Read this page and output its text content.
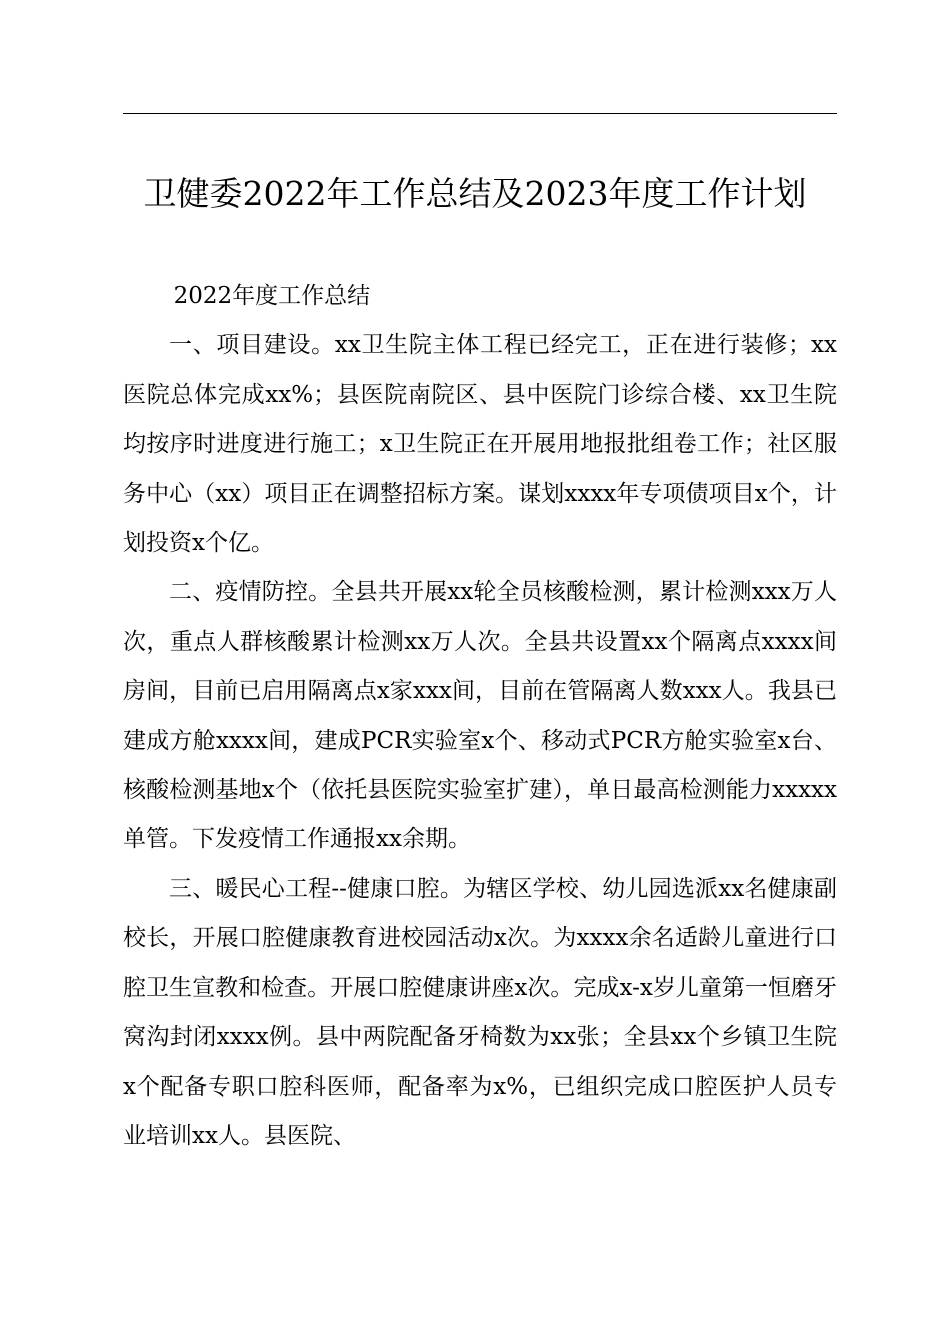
卫健委2022年工作总结及2023年度工作计划

2022年度工作总结

一、项目建设。xx卫生院主体工程已经完工，正在进行装修；xx医院总体完成xx%；县医院南院区、县中医院门诊综合楼、xx卫生院均按序时进度进行施工；x卫生院正在开展用地报批组卷工作；社区服务中心（xx）项目正在调整招标方案。谋划xxxx年专项债项目x个，计划投资x个亿。

二、疫情防控。全县共开展xx轮全员核酸检测，累计检测xxx万人次，重点人群核酸累计检测xx万人次。全县共设置xx个隔离点xxxx间房间，目前已启用隔离点x家xxx间，目前在管隔离人数xxx人。我县已建成方舱xxxx间，建成PCR实验室x个、移动式PCR方舱实验室x台、核酸检测基地x个（依托县医院实验室扩建），单日最高检测能力xxxxx单管。下发疫情工作通报xx余期。

三、暖民心工程--健康口腔。为辖区学校、幼儿园选派xx名健康副校长，开展口腔健康教育进校园活动x次。为xxxx余名适龄儿童进行口腔卫生宣教和检查。开展口腔健康讲座x次。完成x-x岁儿童第一恒磨牙窝沟封闭xxxx例。县中两院配备牙椅数为xx张；全县xx个乡镇卫生院x个配备专职口腔科医师，配备率为x%，已组织完成口腔医护人员专业培训xx人。县医院、
